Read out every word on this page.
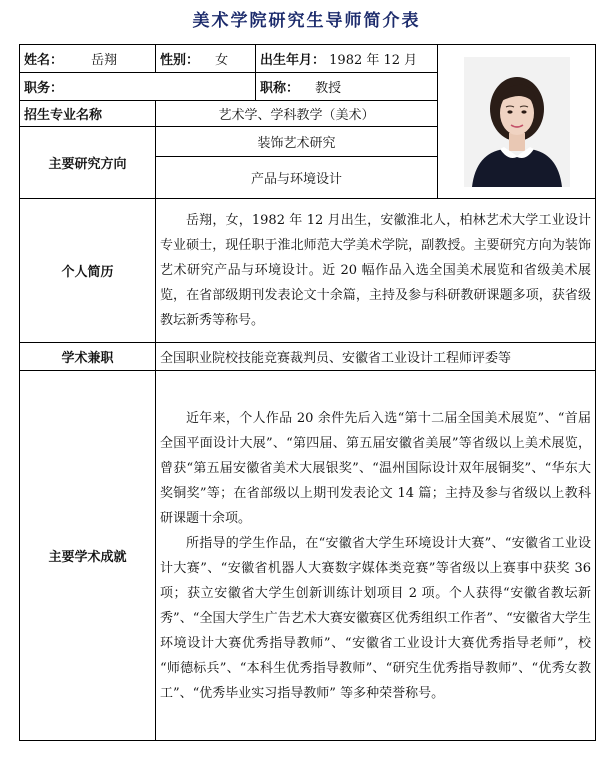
美术学院研究生导师简介表
姓名： 岳翔	性别： 女	出生年月： 1982 年 12 月	

职务：		职称： 教授	
招生专业名称	艺术学、学科教学（美术）		
主要研究方向	装饰艺术研究		
	产品与环境设计		
个人简历	岳翔，女，1982 年 12 月出生，安徽淮北人，柏林艺术大学工业设计专业硕士，现任职于淮北师范大学美术学院，副教授。主要研究方向为装饰艺术研究产品与环境设计。近 20 幅作品入选全国美术展览和省级美术展览，在省部级期刊发表论文十余篇，主持及参与科研教研课题多项，获省级教坛新秀等称号。		

学术兼职	全国职业院校技能竞赛裁判员、安徽省工业设计工程师评委等		
主要学术成就	近年来，个人作品 20 余件先后入选“第十二届全国美术展览”、“首届全国平面设计大展”、“第四届、第五届安徽省美展”等省级以上美术展览，曾获“第五届安徽省美术大展银奖”、“温州国际设计双年展铜奖”、“华东大奖铜奖”等；在省部级以上期刊发表论文 14 篇；主持及参与省级以上教科研课题十余项。

所指导的学生作品，在“安徽省大学生环境设计大赛”、“安徽省工业设计大赛”、“安徽省机器人大赛数字媒体类竞赛”等省级以上赛事中获奖 36 项；获立安徽省大学生创新训练计划项目 2 项。个人获得“安徽省教坛新秀”、“全国大学生广告艺术大赛安徽赛区优秀组织工作者”、“安徽省大学生环境设计大赛优秀指导教师”、“安徽省工业设计大赛优秀指导老师”，校 “师德标兵”、“本科生优秀指导教师”、“研究生优秀指导教师”、“优秀女教工”、“优秀毕业实习指导教师” 等多种荣誉称号。		
